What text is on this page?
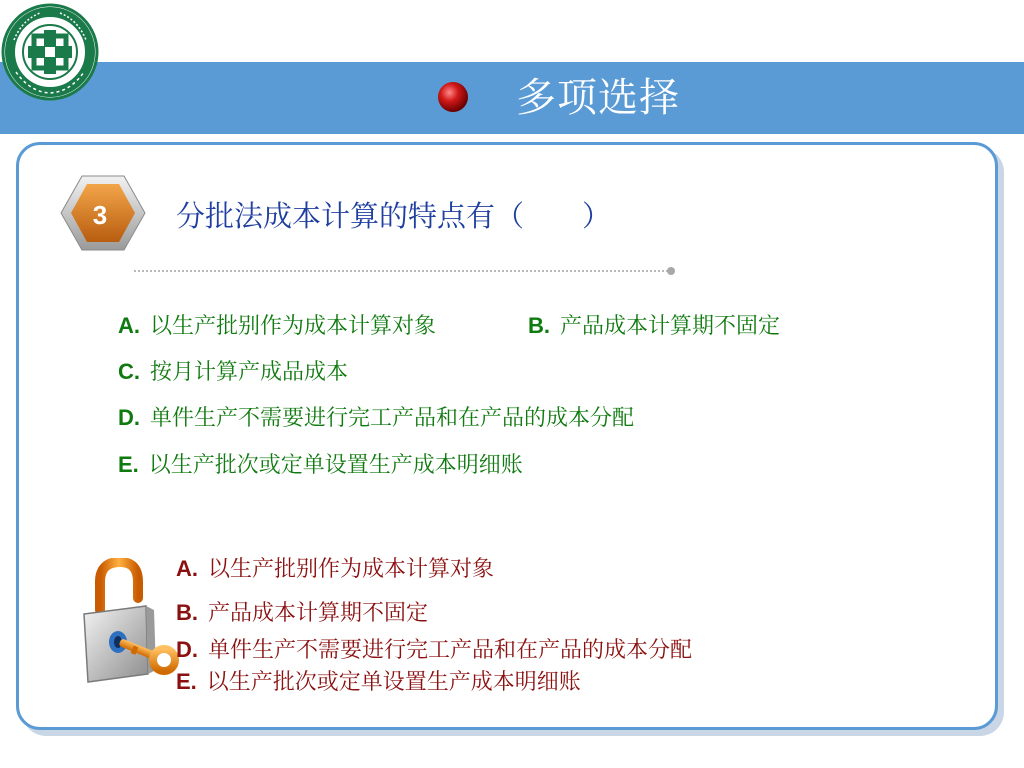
多项选择
3 分批法成本计算的特点有（　　）
A. 以生产批别作为成本计算对象	B. 产品成本计算期不固定
C. 按月计算产成品成本
D. 单件生产不需要进行完工产品和在产品的成本分配
E. 以生产批次或定单设置生产成本明细账
A. 以生产批别作为成本计算对象
B. 产品成本计算期不固定
D. 单件生产不需要进行完工产品和在产品的成本分配
E. 以生产批次或定单设置生产成本明细账
